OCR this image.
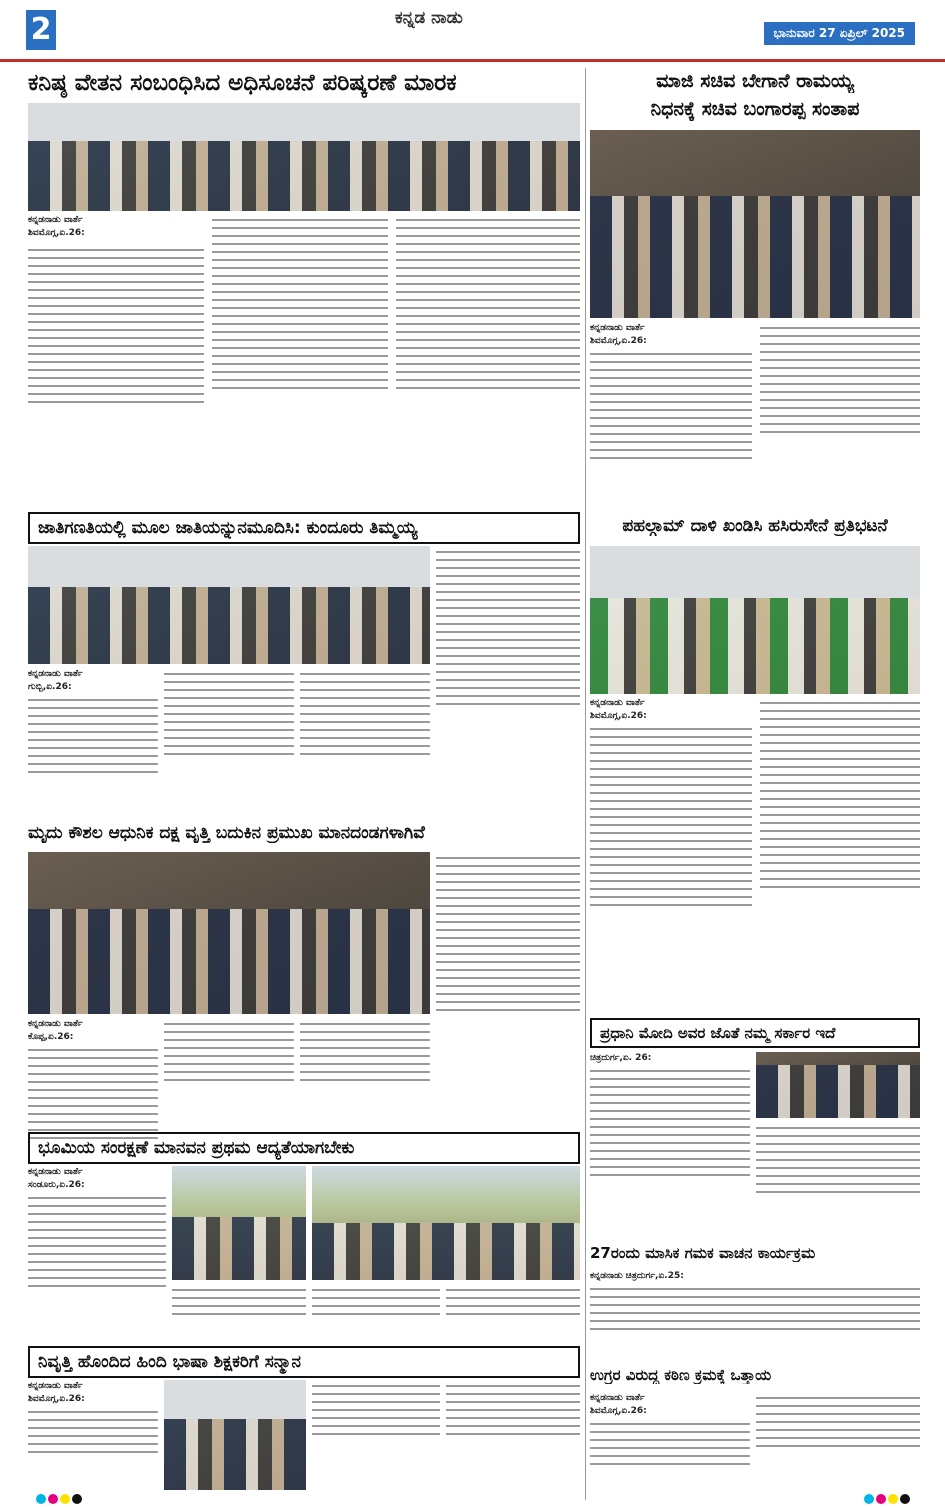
2	ಕನ್ನಡ ನಾಡು
ಭಾನುವಾರ 27 ಏಪ್ರಿಲ್ 2025
ಕನಿಷ್ಠ ವೇತನ ಸಂಬಂಧಿಸಿದ ಅಧಿಸೂಚನೆ ಪರಿಷ್ಕರಣೆ ಮಾರಕ
ಕನ್ನಡನಾಡು ವಾರ್ತೆ
ಶಿವಮೊಗ್ಗ,ಏ.26:
ಮಾಜಿ ಸಚಿವ ಬೇಗಾನೆ ರಾಮಯ್ಯ
ನಿಧನಕ್ಕೆ ಸಚಿವ ಬಂಗಾರಪ್ಪ ಸಂತಾಪ
ಕನ್ನಡನಾಡು ವಾರ್ತೆ
ಶಿವಮೊಗ್ಗ,ಏ.26:
ಜಾತಿಗಣತಿಯಲ್ಲಿ ಮೂಲ ಜಾತಿಯನ್ನುನಮೂದಿಸಿ: ಕುಂದೂರು ತಿಮ್ಮಯ್ಯ
ಕನ್ನಡನಾಡು ವಾರ್ತೆ
ಗುಬ್ಬಿ,ಏ.26:
ಪಹಲ್ಗಾಮ್ ದಾಳಿ ಖಂಡಿಸಿ ಹಸಿರುಸೇನೆ ಪ್ರತಿಭಟನೆ
ಕನ್ನಡನಾಡು ವಾರ್ತೆ
ಶಿವಮೊಗ್ಗ,ಏ.26:
ಮೃದು ಕೌಶಲ ಆಧುನಿಕ ದಕ್ಷ ವೃತ್ತಿ ಬದುಕಿನ ಪ್ರಮುಖ ಮಾನದಂಡಗಳಾಗಿವೆ
ಕನ್ನಡನಾಡು ವಾರ್ತೆ
ಕೊಪ್ಪ,ಏ.26:	ಪ್ರಧಾನಿ ಮೋದಿ ಅವರ ಜೊತೆ ನಮ್ಮ ಸರ್ಕಾರ ಇದೆ
ಚಿತ್ರದುರ್ಗ,ಏ. 26:
ಭೂಮಿಯ ಸಂರಕ್ಷಣೆ ಮಾನವನ ಪ್ರಥಮ ಆದ್ಯತೆಯಾಗಬೇಕು
ಕನ್ನಡನಾಡು ವಾರ್ತೆ
ಸಂಡೂರು,ಏ.26:
27ರಂದು ಮಾಸಿಕ ಗಮಕ ವಾಚನ ಕಾರ್ಯಕ್ರಮ
ಕನ್ನಡನಾಡು ಚಿತ್ರದುರ್ಗ,ಏ.25:
ಉಗ್ರರ ವಿರುದ್ಧ ಕಠಿಣ ಕ್ರಮಕ್ಕೆ ಒತ್ತಾಯ
ಕನ್ನಡನಾಡು ವಾರ್ತೆ
ಶಿವಮೊಗ್ಗ,ಏ.26:
ನಿವೃತ್ತಿ ಹೊಂದಿದ ಹಿಂದಿ ಭಾಷಾ ಶಿಕ್ಷಕರಿಗೆ ಸನ್ಮಾನ
ಕನ್ನಡನಾಡು ವಾರ್ತೆ
ಶಿವಮೊಗ್ಗ,ಏ.26:
